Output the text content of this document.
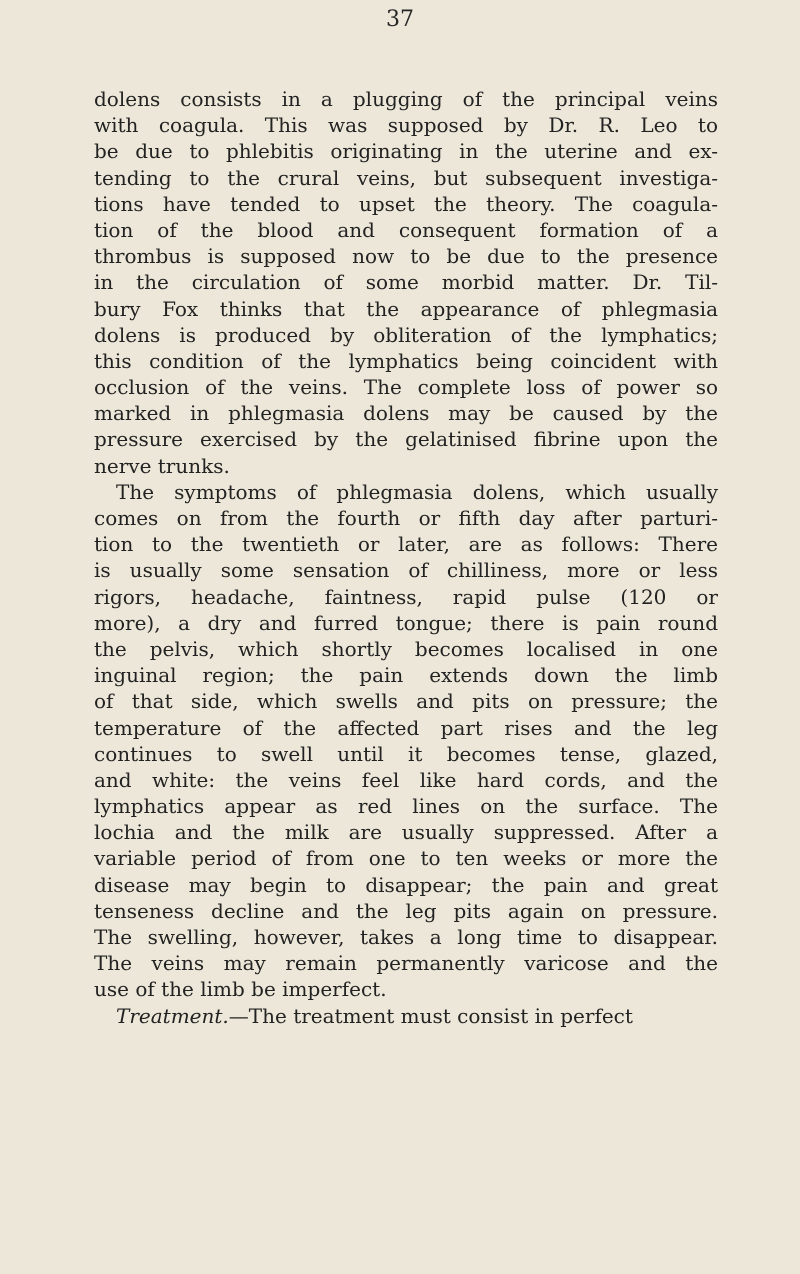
37
dolens consists in a plugging of the principal veins
with coagula. This was supposed by Dr. R. Leo to
be due to phlebitis originating in the uterine and ex-
tending to the crural veins, but subsequent investiga-
tions have tended to upset the theory. The coagula-
tion of the blood and consequent formation of a
thrombus is supposed now to be due to the presence
in the circulation of some morbid matter. Dr. Til-
bury Fox thinks that the appearance of phlegmasia
dolens is produced by obliteration of the lymphatics;
this condition of the lymphatics being coincident with
occlusion of the veins. The complete loss of power so
marked in phlegmasia dolens may be caused by the
pressure exercised by the gelatinised fibrine upon the
nerve trunks.
The symptoms of phlegmasia dolens, which usually
comes on from the fourth or fifth day after parturi-
tion to the twentieth or later, are as follows: There
is usually some sensation of chilliness, more or less
rigors, headache, faintness, rapid pulse (120 or
more), a dry and furred tongue; there is pain round
the pelvis, which shortly becomes localised in one
inguinal region; the pain extends down the limb
of that side, which swells and pits on pressure; the
temperature of the affected part rises and the leg
continues to swell until it becomes tense, glazed,
and white: the veins feel like hard cords, and the
lymphatics appear as red lines on the surface. The
lochia and the milk are usually suppressed. After a
variable period of from one to ten weeks or more the
disease may begin to disappear; the pain and great
tenseness decline and the leg pits again on pressure.
The swelling, however, takes a long time to disappear.
The veins may remain permanently varicose and the
use of the limb be imperfect.
Treatment.—The treatment must consist in perfect
